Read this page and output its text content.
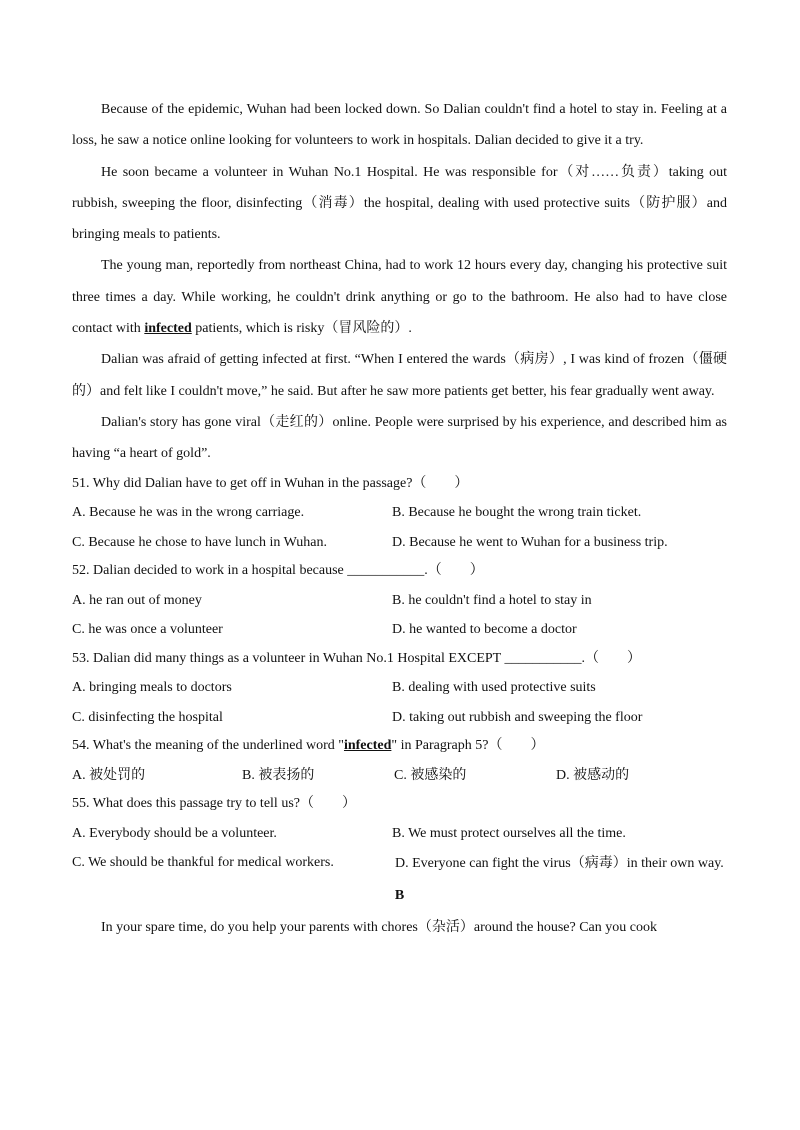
Because of the epidemic, Wuhan had been locked down. So Dalian couldn't find a hotel to stay in. Feeling at a loss, he saw a notice online looking for volunteers to work in hospitals. Dalian decided to give it a try.

He soon became a volunteer in Wuhan No.1 Hospital. He was responsible for（对……负责）taking out rubbish, sweeping the floor, disinfecting（消毒）the hospital, dealing with used protective suits（防护服）and bringing meals to patients.

The young man, reportedly from northeast China, had to work 12 hours every day, changing his protective suit three times a day. While working, he couldn't drink anything or go to the bathroom. He also had to have close contact with infected patients, which is risky（冒风险的）.

Dalian was afraid of getting infected at first. “When I entered the wards（病房）, I was kind of frozen（僵硬的）and felt like I couldn't move,” he said. But after he saw more patients get better, his fear gradually went away.

Dalian's story has gone viral（走红的）online. People were surprised by his experience, and described him as having “a heart of gold”.

51. Why did Dalian have to get off in Wuhan in the passage?（　　）

A. Because he was in the wrong carriage.	B. Because he bought the wrong train ticket.
C. Because he chose to have lunch in Wuhan.	D. Because he went to Wuhan for a business trip.

52. Dalian decided to work in a hospital because ___________.（　　）

A. he ran out of money	B. he couldn't find a hotel to stay in
C. he was once a volunteer	D. he wanted to become a doctor

53. Dalian did many things as a volunteer in Wuhan No.1 Hospital EXCEPT ___________.（　　）

A. bringing meals to doctors	B. dealing with used protective suits
C. disinfecting the hospital	D. taking out rubbish and sweeping the floor

54. What's the meaning of the underlined word "infected" in Paragraph 5?（　　）

A. 被处罚的	B. 被表扬的	C. 被感染的	D. 被感动的

55. What does this passage try to tell us?（　　）

A. Everybody should be a volunteer.	B. We must protect ourselves all the time.
C. We should be thankful for medical workers.	D. Everyone can fight the virus（病毒）in their own way.

B

In your spare time, do you help your parents with chores（杂活）around the house? Can you cook
